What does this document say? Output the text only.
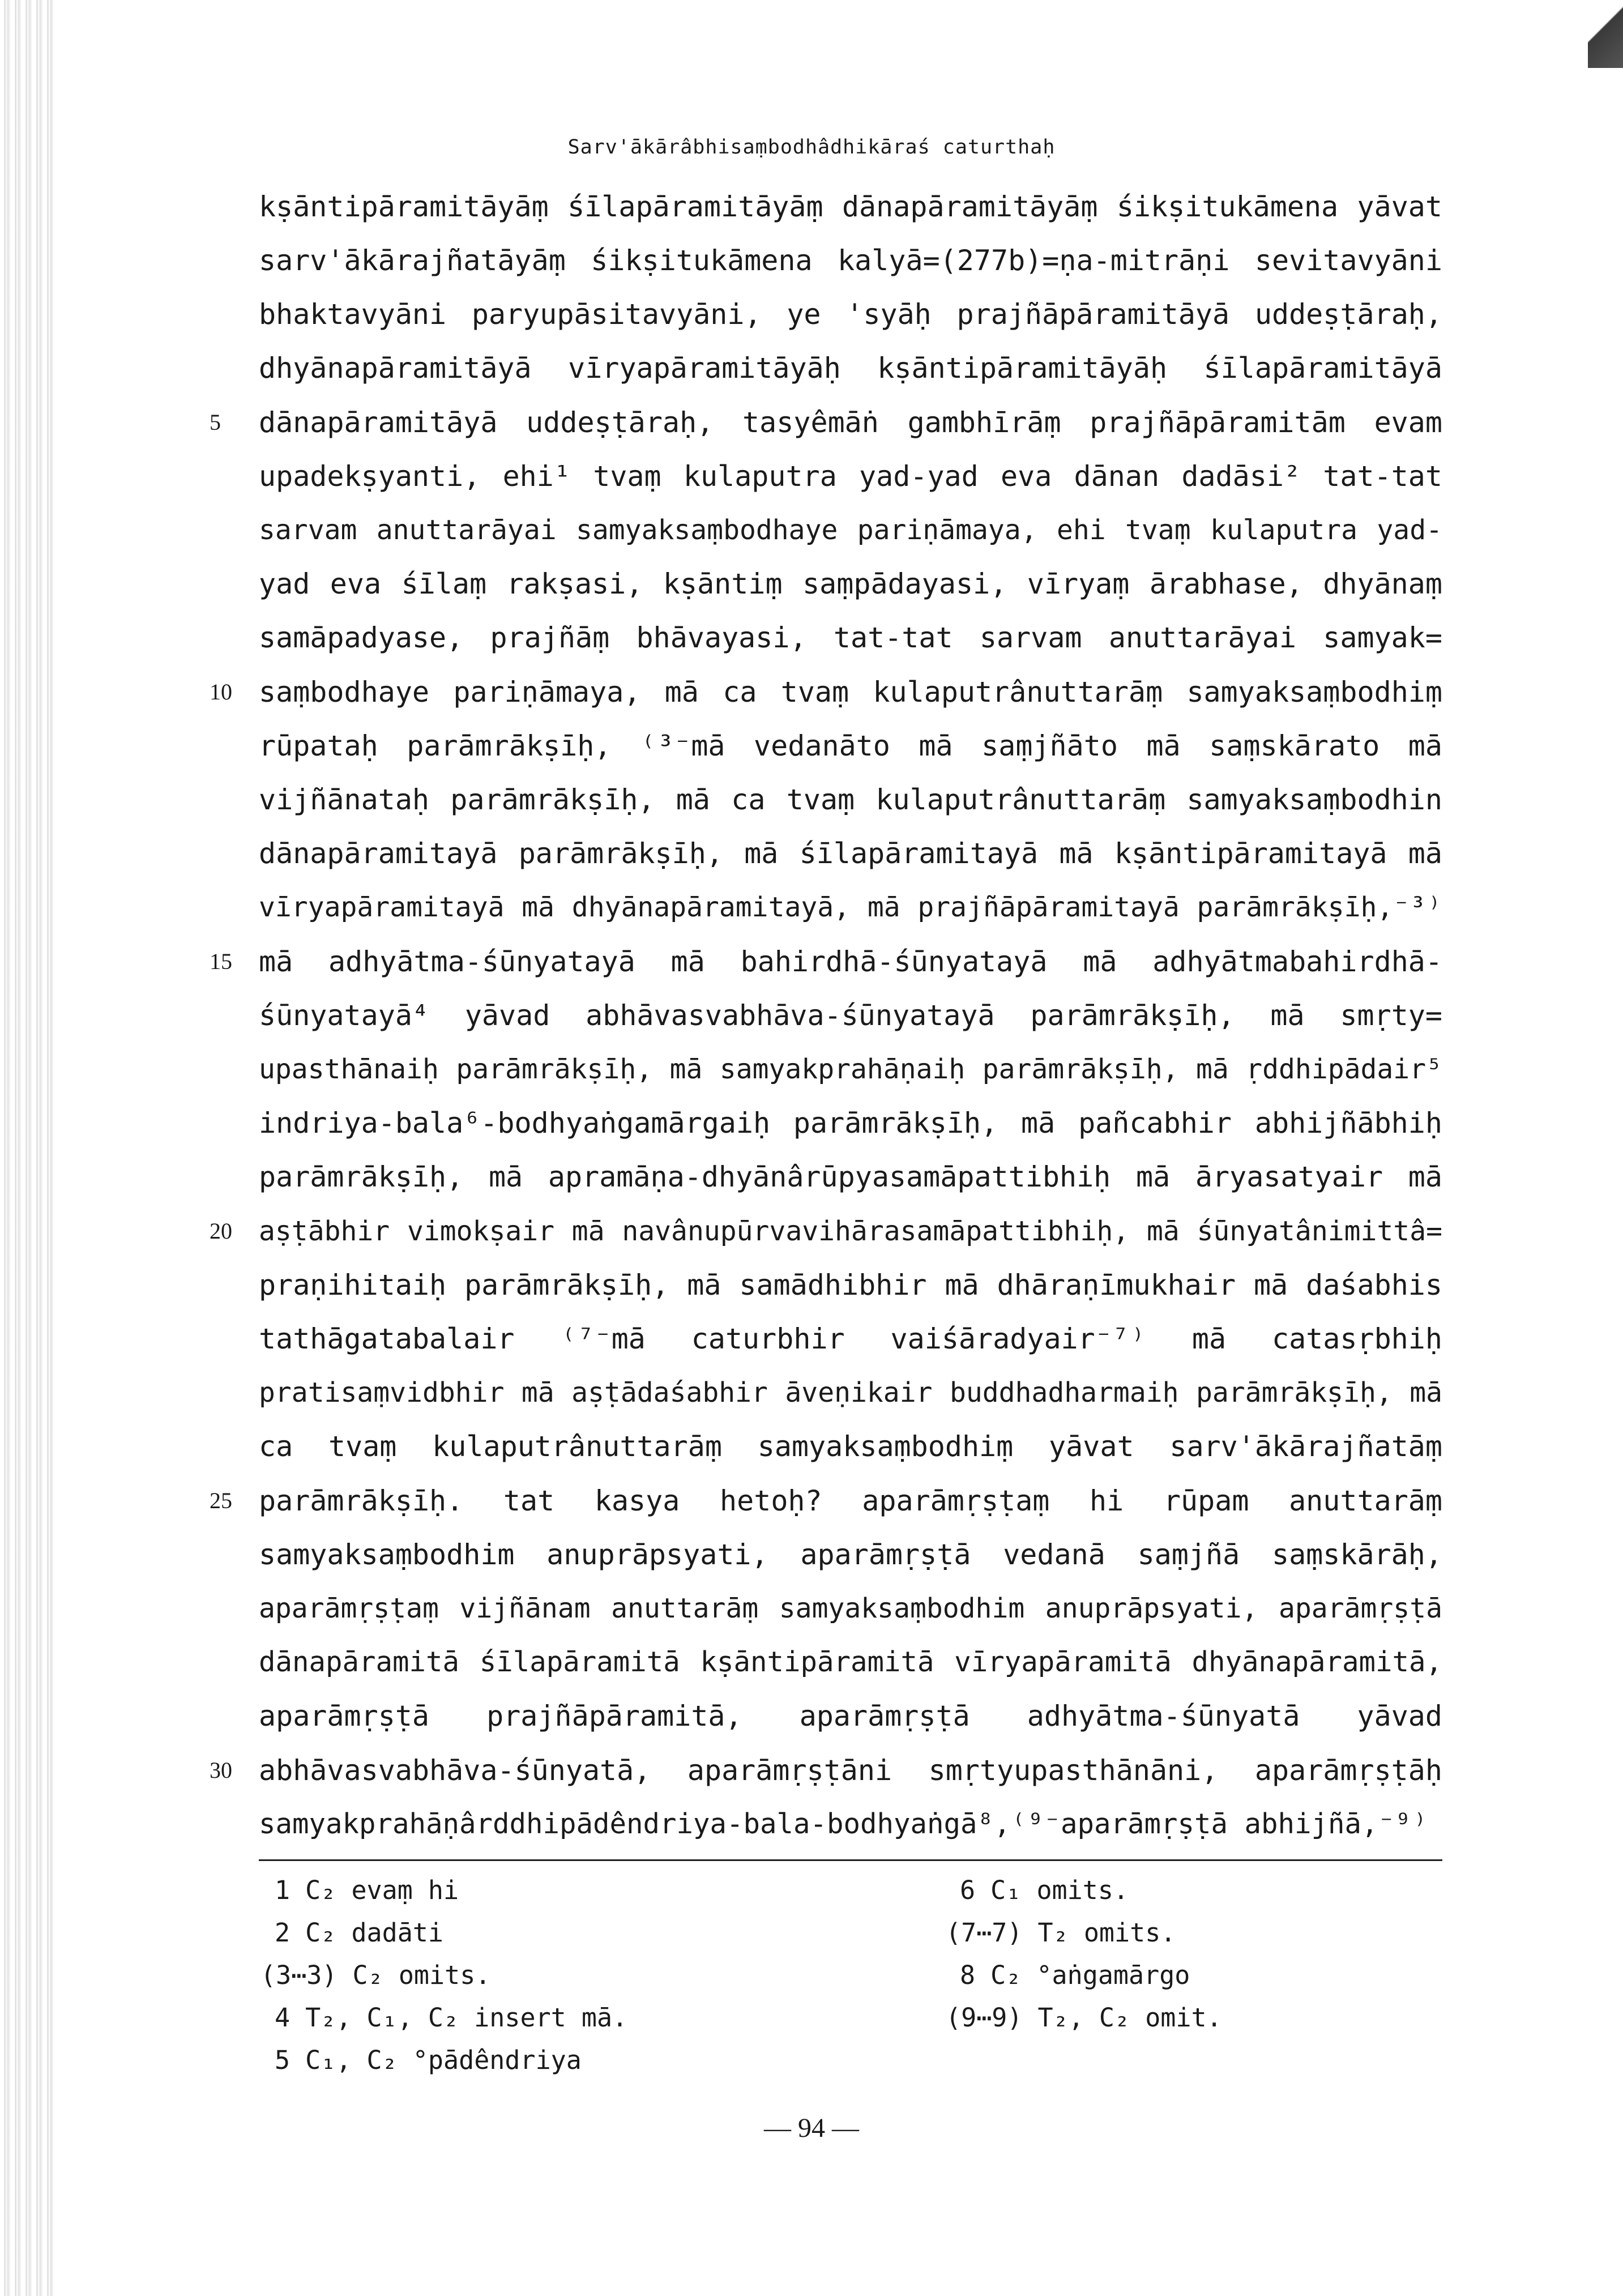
Sarv'ākārâbhisaṃbodhâdhikāraś caturthaḥ
kṣāntipāramitāyāṃ śīlapāramitāyāṃ dānapāramitāyāṃ śikṣitukāmena yāvat
sarv'ākārajñatāyāṃ śikṣitukāmena kalyā=(277b)=ṇa-mitrāṇi sevitavyāni
bhaktavyāni paryupāsitavyāni, ye 'syāḥ prajñāpāramitāyā uddeṣṭāraḥ,
dhyānapāramitāyā vīryapāramitāyāḥ kṣāntipāramitāyāḥ śīlapāramitāyā
dānapāramitāyā uddeṣṭāraḥ, tasyêmāṅ gambhīrāṃ prajñāpāramitām evam
upadekṣyanti, ehi¹ tvaṃ kulaputra yad-yad eva dānan dadāsi² tat-tat
sarvam anuttarāyai samyaksaṃbodhaye pariṇāmaya, ehi tvaṃ kulaputra yad-
yad eva śīlaṃ rakṣasi, kṣāntiṃ saṃpādayasi, vīryaṃ ārabhase, dhyānaṃ
samāpadyase, prajñāṃ bhāvayasi, tat-tat sarvam anuttarāyai samyak=
saṃbodhaye pariṇāmaya, mā ca tvaṃ kulaputrânuttarāṃ samyaksaṃbodhiṃ
rūpataḥ parāmrākṣīḥ, ⁽³⁻mā vedanāto mā saṃjñāto mā saṃskārato mā
vijñānataḥ parāmrākṣīḥ, mā ca tvaṃ kulaputrânuttarāṃ samyaksaṃbodhin
dānapāramitayā parāmrākṣīḥ, mā śīlapāramitayā mā kṣāntipāramitayā mā
vīryapāramitayā mā dhyānapāramitayā, mā prajñāpāramitayā parāmrākṣīḥ,⁻³⁾
mā adhyātma-śūnyatayā mā bahirdhā-śūnyatayā mā adhyātmabahirdhā-
śūnyatayā⁴ yāvad abhāvasvabhāva-śūnyatayā parāmrākṣīḥ, mā smṛty=
upasthānaiḥ parāmrākṣīḥ, mā samyakprahāṇaiḥ parāmrākṣīḥ, mā ṛddhipādair⁵
indriya-bala⁶-bodhyaṅgamārgaiḥ parāmrākṣīḥ, mā pañcabhir abhijñābhiḥ
parāmrākṣīḥ, mā apramāṇa-dhyānârūpyasamāpattibhiḥ mā āryasatyair mā
aṣṭābhir vimokṣair mā navânupūrvavihārasamāpattibhiḥ, mā śūnyatânimittâ=
praṇihitaiḥ parāmrākṣīḥ, mā samādhibhir mā dhāraṇīmukhair mā daśabhis
tathāgatabalair ⁽⁷⁻mā caturbhir vaiśāradyair⁻⁷⁾ mā catasṛbhiḥ
pratisaṃvidbhir mā aṣṭādaśabhir āveṇikair buddhadharmaiḥ parāmrākṣīḥ, mā
ca tvaṃ kulaputrânuttarāṃ samyaksaṃbodhiṃ yāvat sarv'ākārajñatāṃ
parāmrākṣīḥ. tat kasya hetoḥ? aparāmṛṣṭaṃ hi rūpam anuttarāṃ
samyaksaṃbodhim anuprāpsyati, aparāmṛṣṭā vedanā saṃjñā saṃskārāḥ,
aparāmṛṣṭaṃ vijñānam anuttarāṃ samyaksaṃbodhim anuprāpsyati, aparāmṛṣṭā
dānapāramitā śīlapāramitā kṣāntipāramitā vīryapāramitā dhyānapāramitā,
aparāmṛṣṭā prajñāpāramitā, aparāmṛṣṭā adhyātma-śūnyatā yāvad
abhāvasvabhāva-śūnyatā, aparāmṛṣṭāni smṛtyupasthānāni, aparāmṛṣṭāḥ
samyakprahāṇârddhipādêndriya-bala-bodhyaṅgā⁸,⁽⁹⁻aparāmṛṣṭā abhijñā,⁻⁹⁾
5
10
15
20
25
30
1 C₂ evaṃ hi
2 C₂ dadāti
(3⋯3) C₂ omits.
4 T₂, C₁, C₂ insert mā.
5 C₁, C₂ °pādêndriya
6 C₁ omits.
(7⋯7) T₂ omits.
8 C₂ °aṅgamārgo
(9⋯9) T₂, C₂ omit.
— 94 —
